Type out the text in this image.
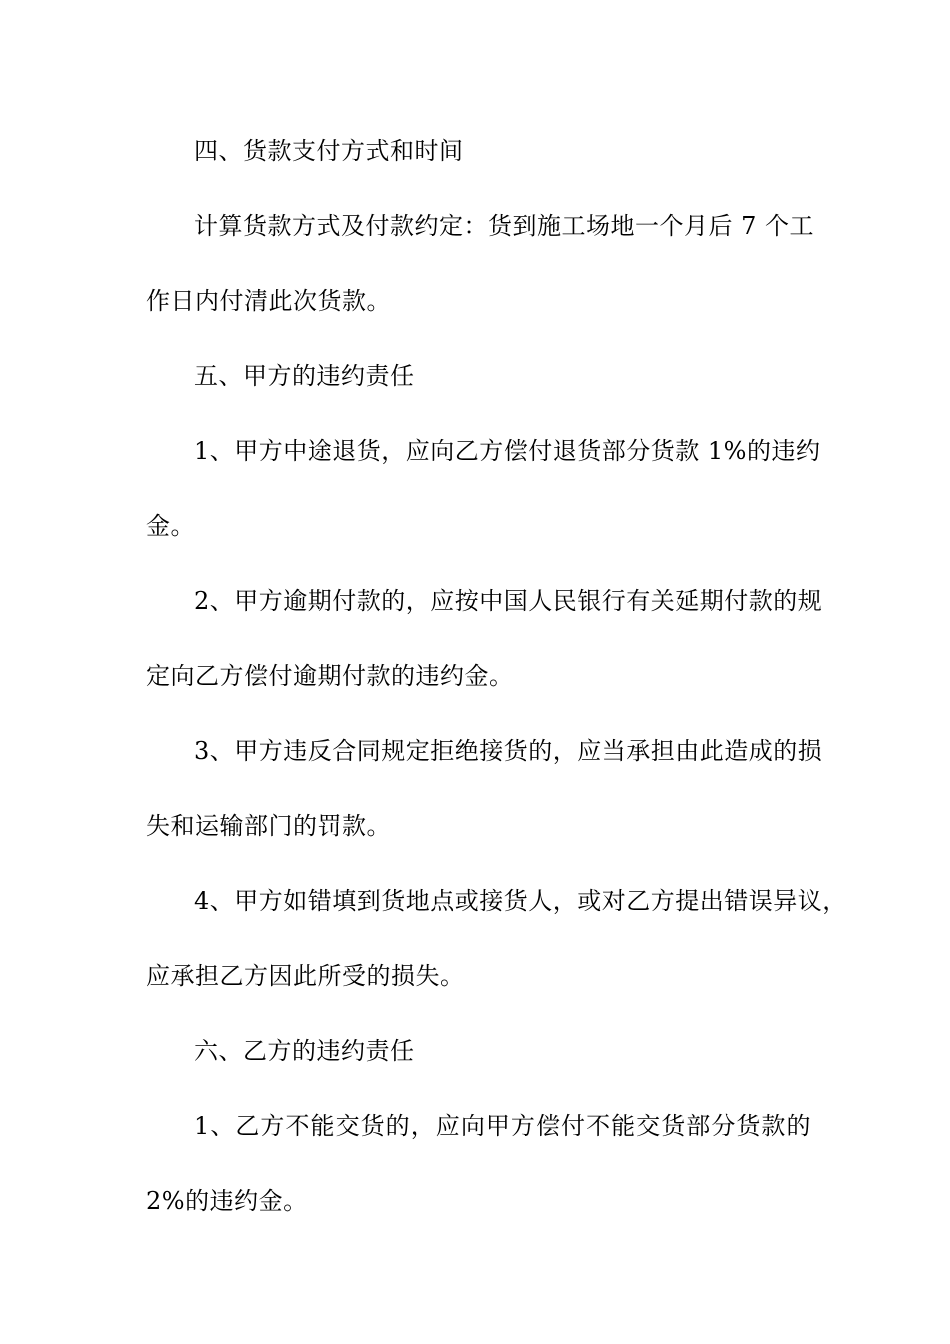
四、货款支付方式和时间
计算货款方式及付款约定：货到施工场地一个月后 7 个工
作日内付清此次货款。
五、甲方的违约责任
1、甲方中途退货，应向乙方偿付退货部分货款 1%的违约
金。
2、甲方逾期付款的，应按中国人民银行有关延期付款的规
定向乙方偿付逾期付款的违约金。
3、甲方违反合同规定拒绝接货的，应当承担由此造成的损
失和运输部门的罚款。
4、甲方如错填到货地点或接货人，或对乙方提出错误异议，
应承担乙方因此所受的损失。
六、乙方的违约责任
1、乙方不能交货的，应向甲方偿付不能交货部分货款的
2%的违约金。
